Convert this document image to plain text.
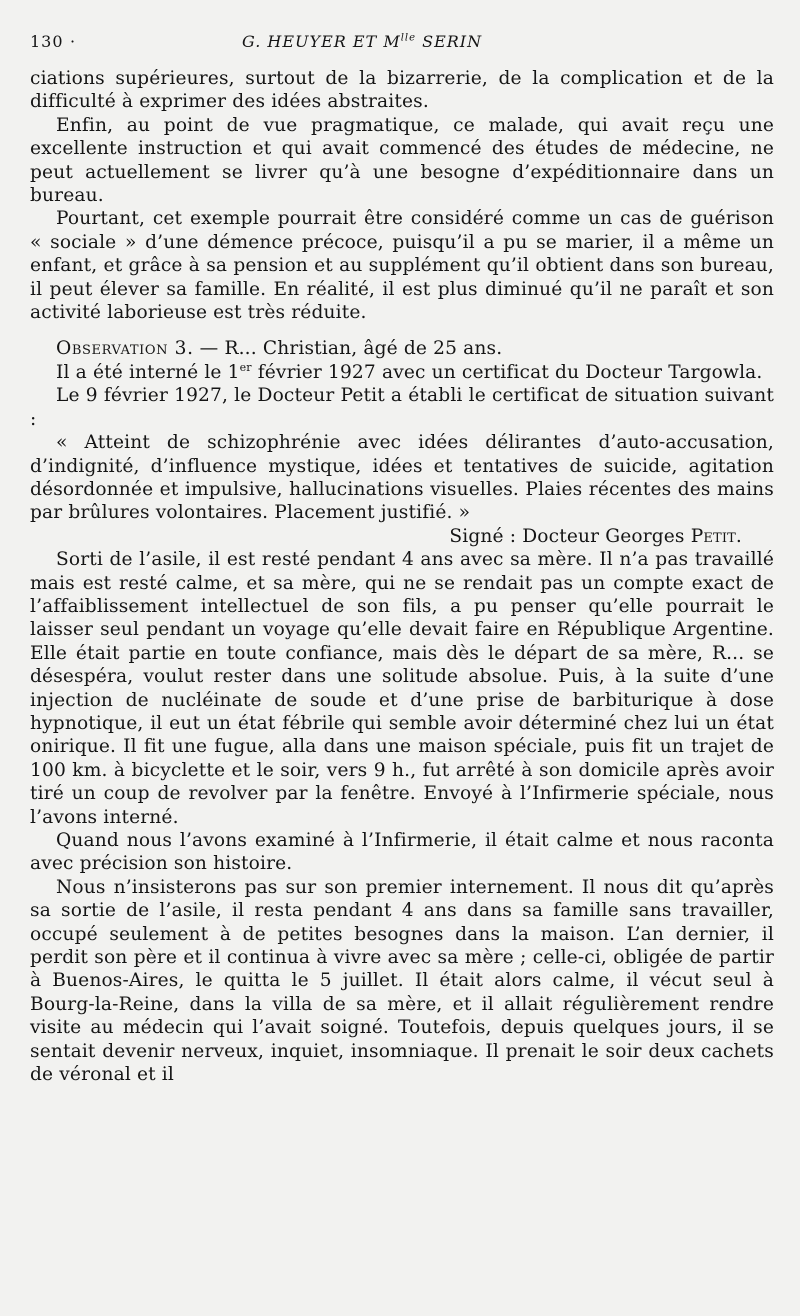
130 ·	G. HEUYER ET $M^{lle}$ SERIN

ciations supérieures, surtout de la bizarrerie, de la complication et de la difficulté à exprimer des idées abstraites.

Enfin, au point de vue pragmatique, ce malade, qui avait reçu une excellente instruction et qui avait commencé des études de médecine, ne peut actuellement se livrer qu’à une besogne d’expéditionnaire dans un bureau.

Pourtant, cet exemple pourrait être considéré comme un cas de guérison « sociale » d’une démence précoce, puisqu’il a pu se marier, il a même un enfant, et grâce à sa pension et au supplément qu’il obtient dans son bureau, il peut élever sa famille. En réalité, il est plus diminué qu’il ne paraît et son activité laborieuse est très réduite.

Observation 3. — R... Christian, âgé de 25 ans.

Il a été interné le 1er février 1927 avec un certificat du Docteur Targowla.

Le 9 février 1927, le Docteur Petit a établi le certificat de situation suivant :

« Atteint de schizophrénie avec idées délirantes d’auto-accusation, d’indignité, d’influence mystique, idées et tentatives de suicide, agitation désordonnée et impulsive, hallucinations visuelles. Plaies récentes des mains par brûlures volontaires. Placement justifié. »

Signé : Docteur Georges Petit.

Sorti de l’asile, il est resté pendant 4 ans avec sa mère. Il n’a pas travaillé mais est resté calme, et sa mère, qui ne se rendait pas un compte exact de l’affaiblissement intellectuel de son fils, a pu penser qu’elle pourrait le laisser seul pendant un voyage qu’elle devait faire en République Argentine. Elle était partie en toute confiance, mais dès le départ de sa mère, R... se désespéra, voulut rester dans une solitude absolue. Puis, à la suite d’une injection de nucléinate de soude et d’une prise de barbiturique à dose hypnotique, il eut un état fébrile qui semble avoir déterminé chez lui un état onirique. Il fit une fugue, alla dans une maison spéciale, puis fit un trajet de 100 km. à bicyclette et le soir, vers 9 h., fut arrêté à son domicile après avoir tiré un coup de revolver par la fenêtre. Envoyé à l’Infirmerie spéciale, nous l’avons interné.

Quand nous l’avons examiné à l’Infirmerie, il était calme et nous raconta avec précision son histoire.

Nous n’insisterons pas sur son premier internement. Il nous dit qu’après sa sortie de l’asile, il resta pendant 4 ans dans sa famille sans travailler, occupé seulement à de petites besognes dans la maison. L’an dernier, il perdit son père et il continua à vivre avec sa mère ; celle-ci, obligée de partir à Buenos-Aires, le quitta le 5 juillet. Il était alors calme, il vécut seul à Bourg-la-Reine, dans la villa de sa mère, et il allait régulièrement rendre visite au médecin qui l’avait soigné. Toutefois, depuis quelques jours, il se sentait devenir nerveux, inquiet, insomniaque. Il prenait le soir deux cachets de véronal et il
